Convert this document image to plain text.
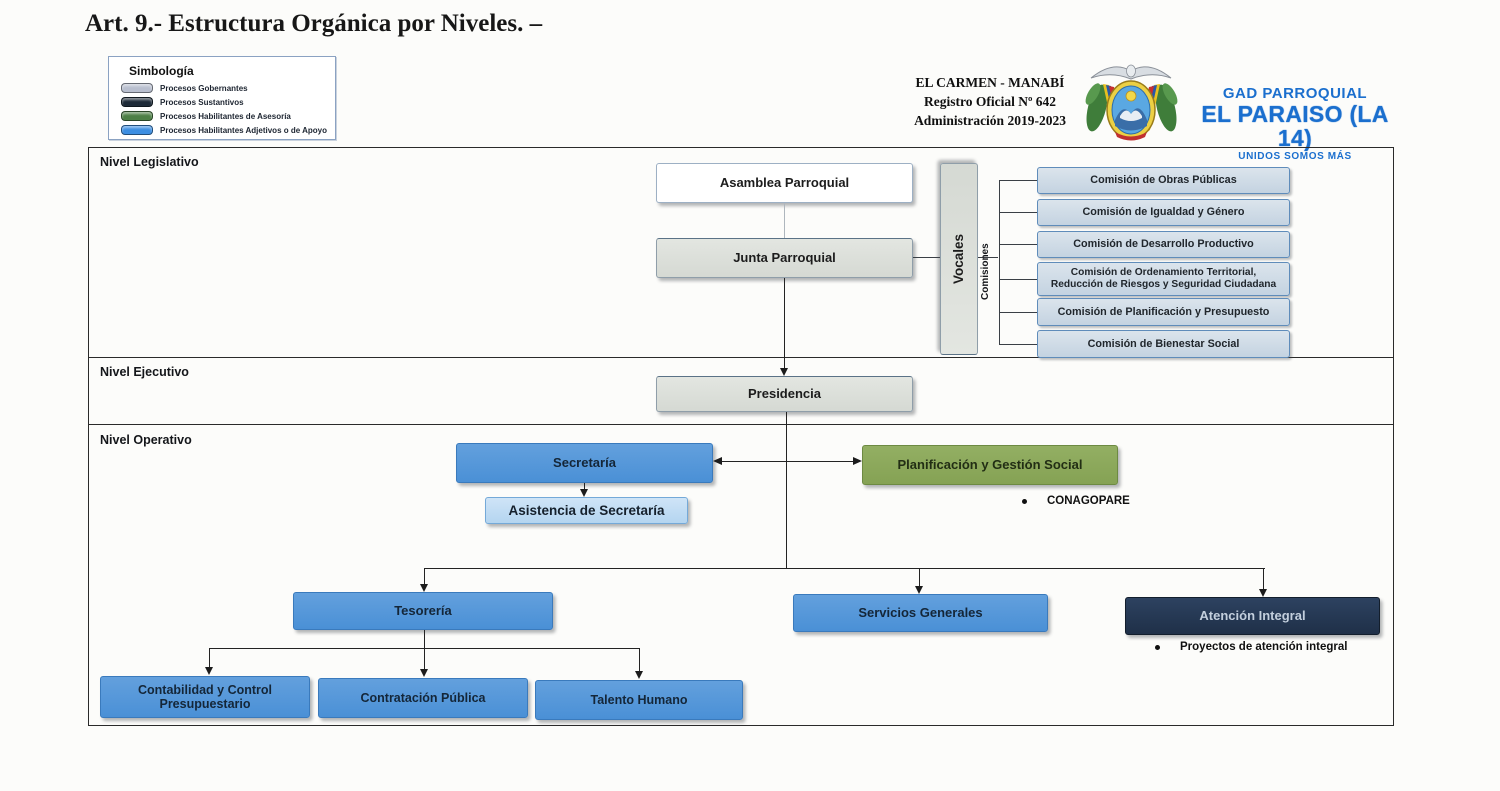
Art. 9.- Estructura Orgánica por Niveles. –
Simbología
Procesos Gobernantes
Procesos Sustantivos
Procesos Habilitantes de Asesoría
Procesos Habilitantes Adjetivos o de Apoyo
EL CARMEN - MANABÍ
Registro Oficial Nº 642
Administración 2019-2023
GAD PARROQUIAL
EL PARAISO (LA 14)
UNIDOS SOMOS MÁS
Nivel Legislativo
Nivel Ejecutivo
Nivel Operativo
Asamblea Parroquial
Junta Parroquial	Vocales	Comisiones
Comisión de Obras Públicas
Comisión de Igualdad y Género
Comisión de Desarrollo Productivo
Comisión de Ordenamiento Territorial, Reducción de Riesgos y Seguridad Ciudadana
Comisión de Planificación y Presupuesto
Comisión de Bienestar Social
Presidencia
Secretaría	Planificación y Gestión Social
CONAGOPARE
Asistencia de Secretaría
Tesorería	Servicios Generales	Atención Integral
Proyectos de atención integral
Contabilidad y Control Presupuestario	Contratación Pública	Talento Humano
